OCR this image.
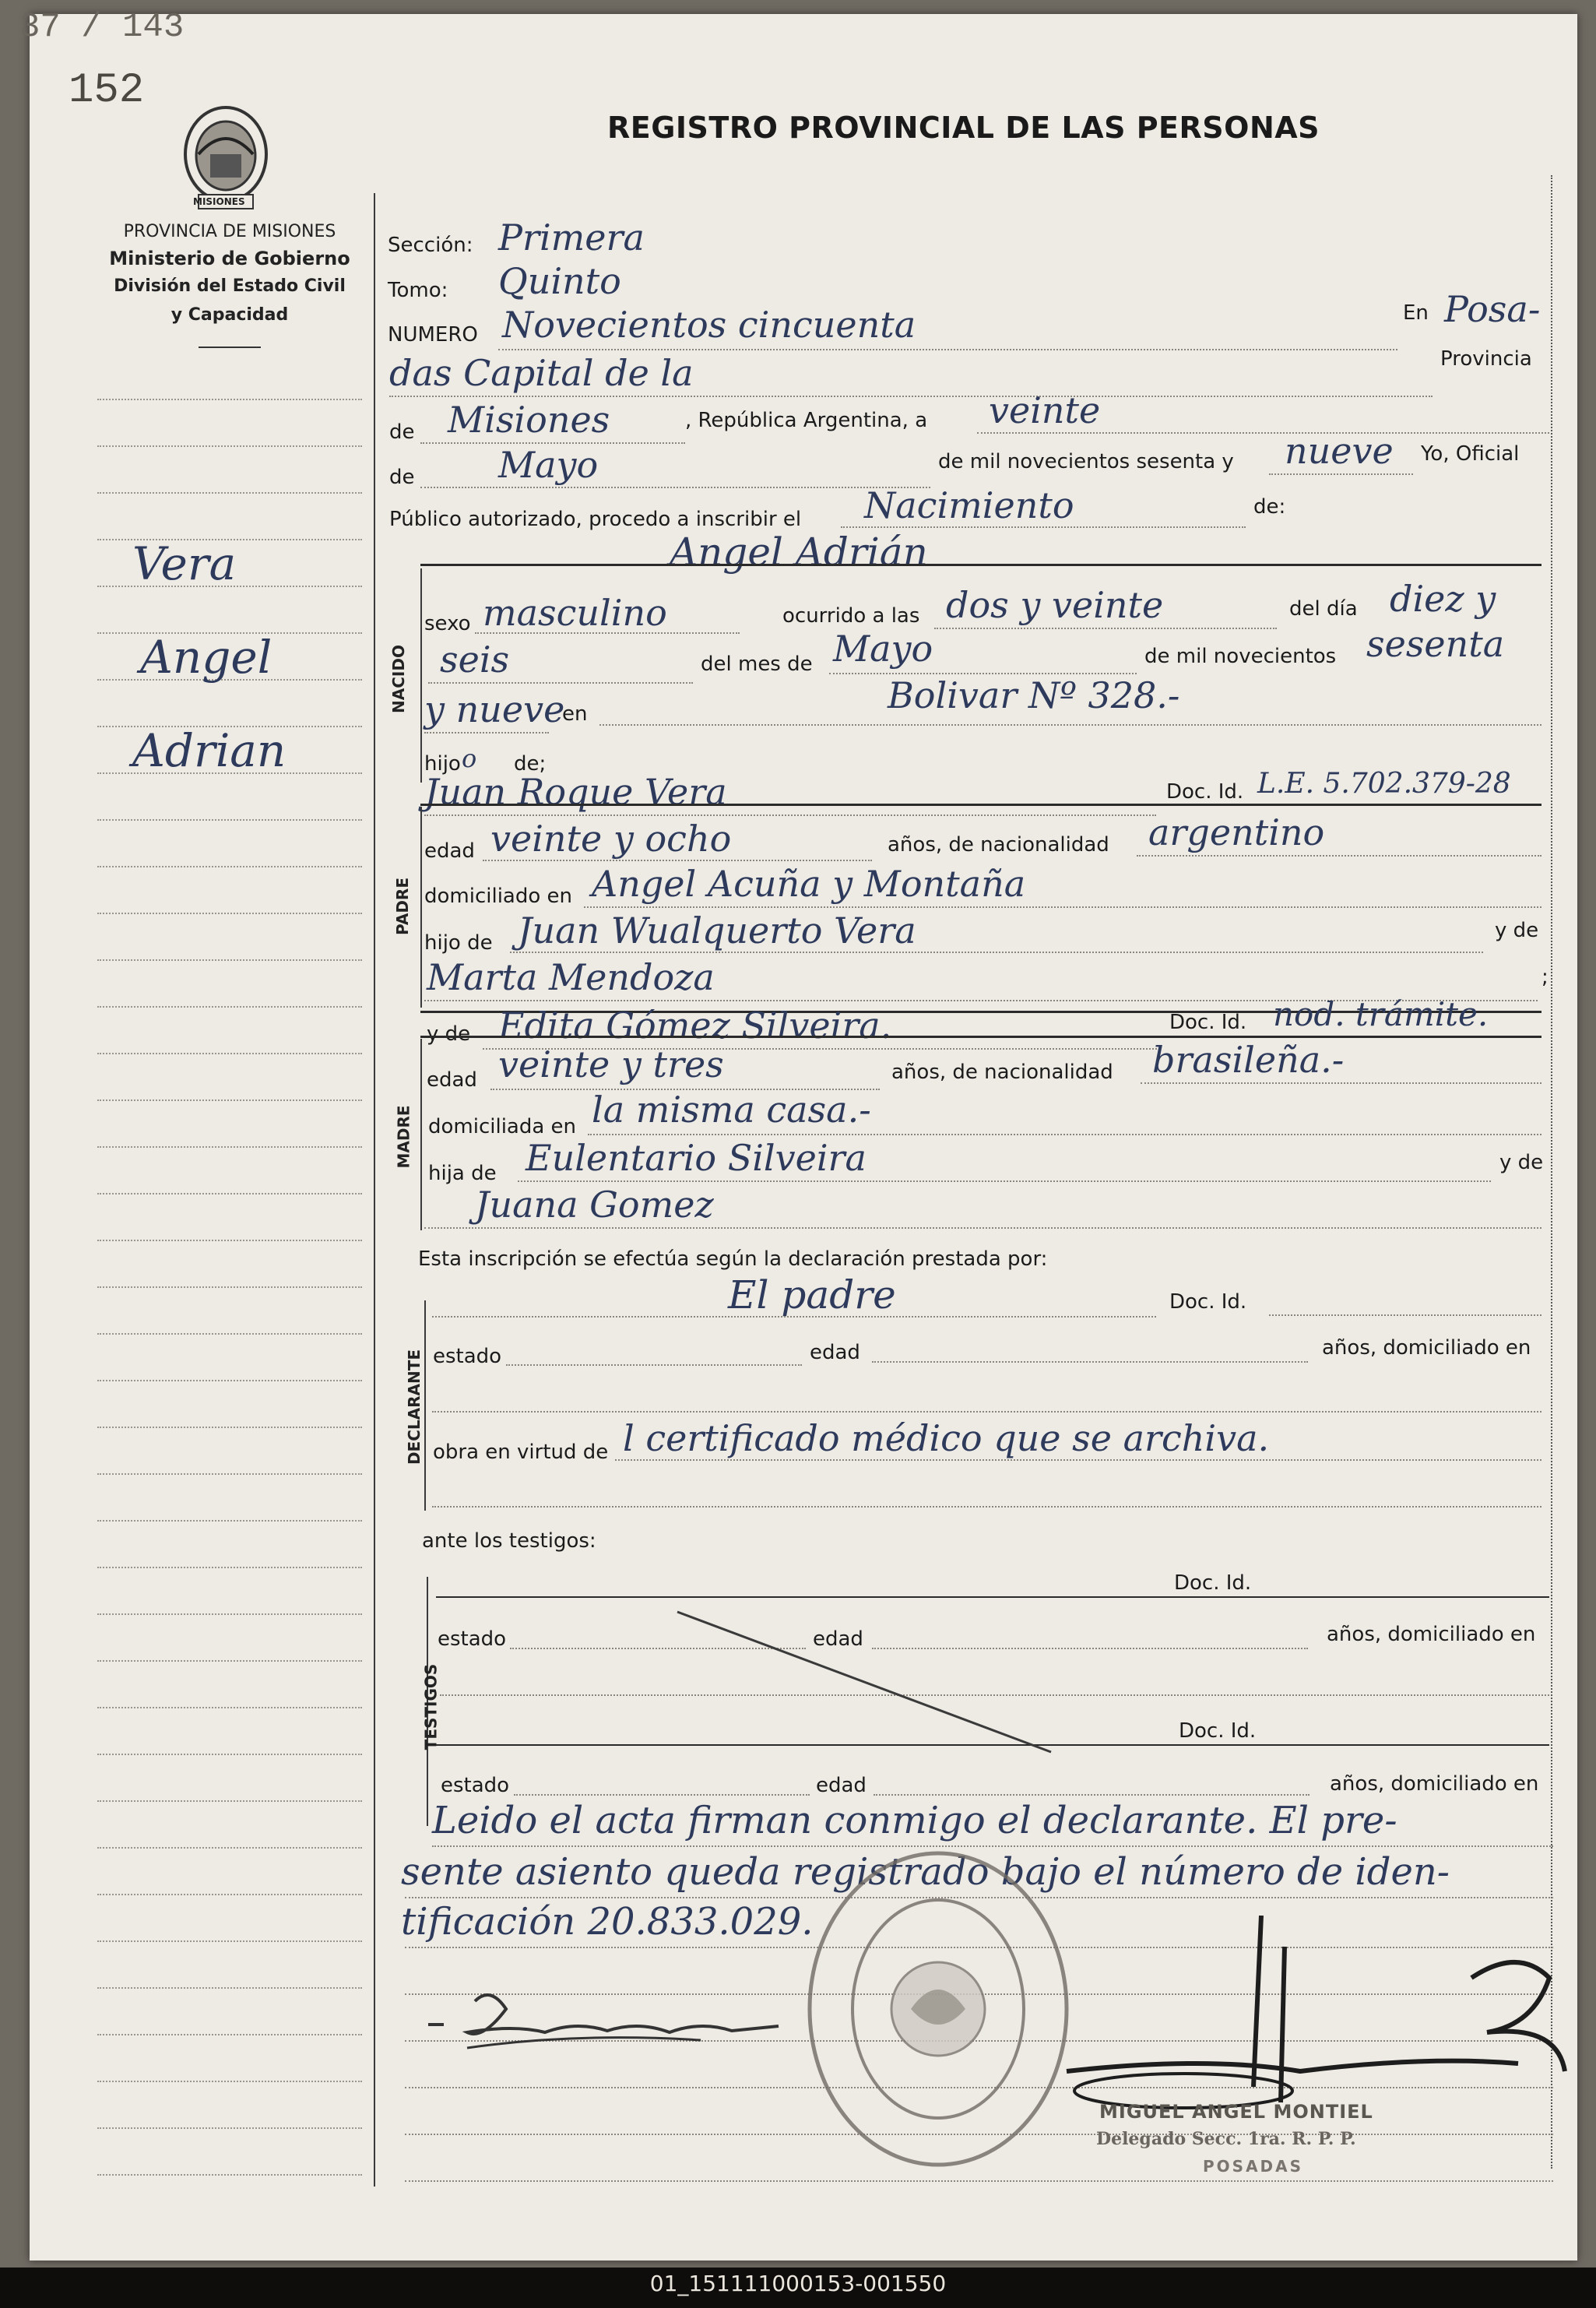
37 / 143
152
MISIONES
REGISTRO PROVINCIAL DE LAS PERSONAS
PROVINCIA DE MISIONES
Ministerio de Gobierno
División del Estado Civil
y Capacidad
Vera
Angel
Adrian
Sección: Primera
Tomo: Quinto
NUMERO Novecientos cincuenta	En Posa-
das Capital de la	Provincia
de Misiones	, República Argentina, a veinte
de Mayo	de mil novecientos sesenta y nueve Yo, Oficial
Público autorizado, procedo a inscribir el Nacimiento	de:
Angel Adrián
NACIDO
sexo masculino	ocurrido a las dos y veinte	del día diez y
seis	del mes de Mayo	de mil novecientos sesenta
y nueve
en	Bolivar Nº 328.-
hijo o de;
Juan Roque Vera	Doc. Id. L.E. 5.702.379-28
PADRE
edad veinte y ocho	años, de nacionalidad argentino
domiciliado en Angel Acuña y Montaña
hijo de Juan Wualquerto Vera	y de
Marta Mendoza	;
y de Edita Gómez Silveira.	Doc. Id. nod. trámite.
MADRE
edad veinte y tres	años, de nacionalidad brasileña.-
domiciliada en la misma casa.-
hija de Eulentario Silveira	y de
Juana Gomez
Esta inscripción se efectúa según la declaración prestada por:
DECLARANTE
El padre	Doc. Id.
estado	edad	años, domiciliado en
obra en virtud de l certificado médico que se archiva.
ante los testigos:
TESTIGOS
Doc. Id.
estado	edad	años, domiciliado en
Doc. Id.
estado	edad	años, domiciliado en
Leido el acta firman conmigo el declarante. El pre-
sente asiento queda registrado bajo el número de iden-
tificación 20.833.029.
MIGUEL ANGEL MONTIEL
Delegado Secc. 1ra. R. P. P.
POSADAS
01_151111000153-001550
